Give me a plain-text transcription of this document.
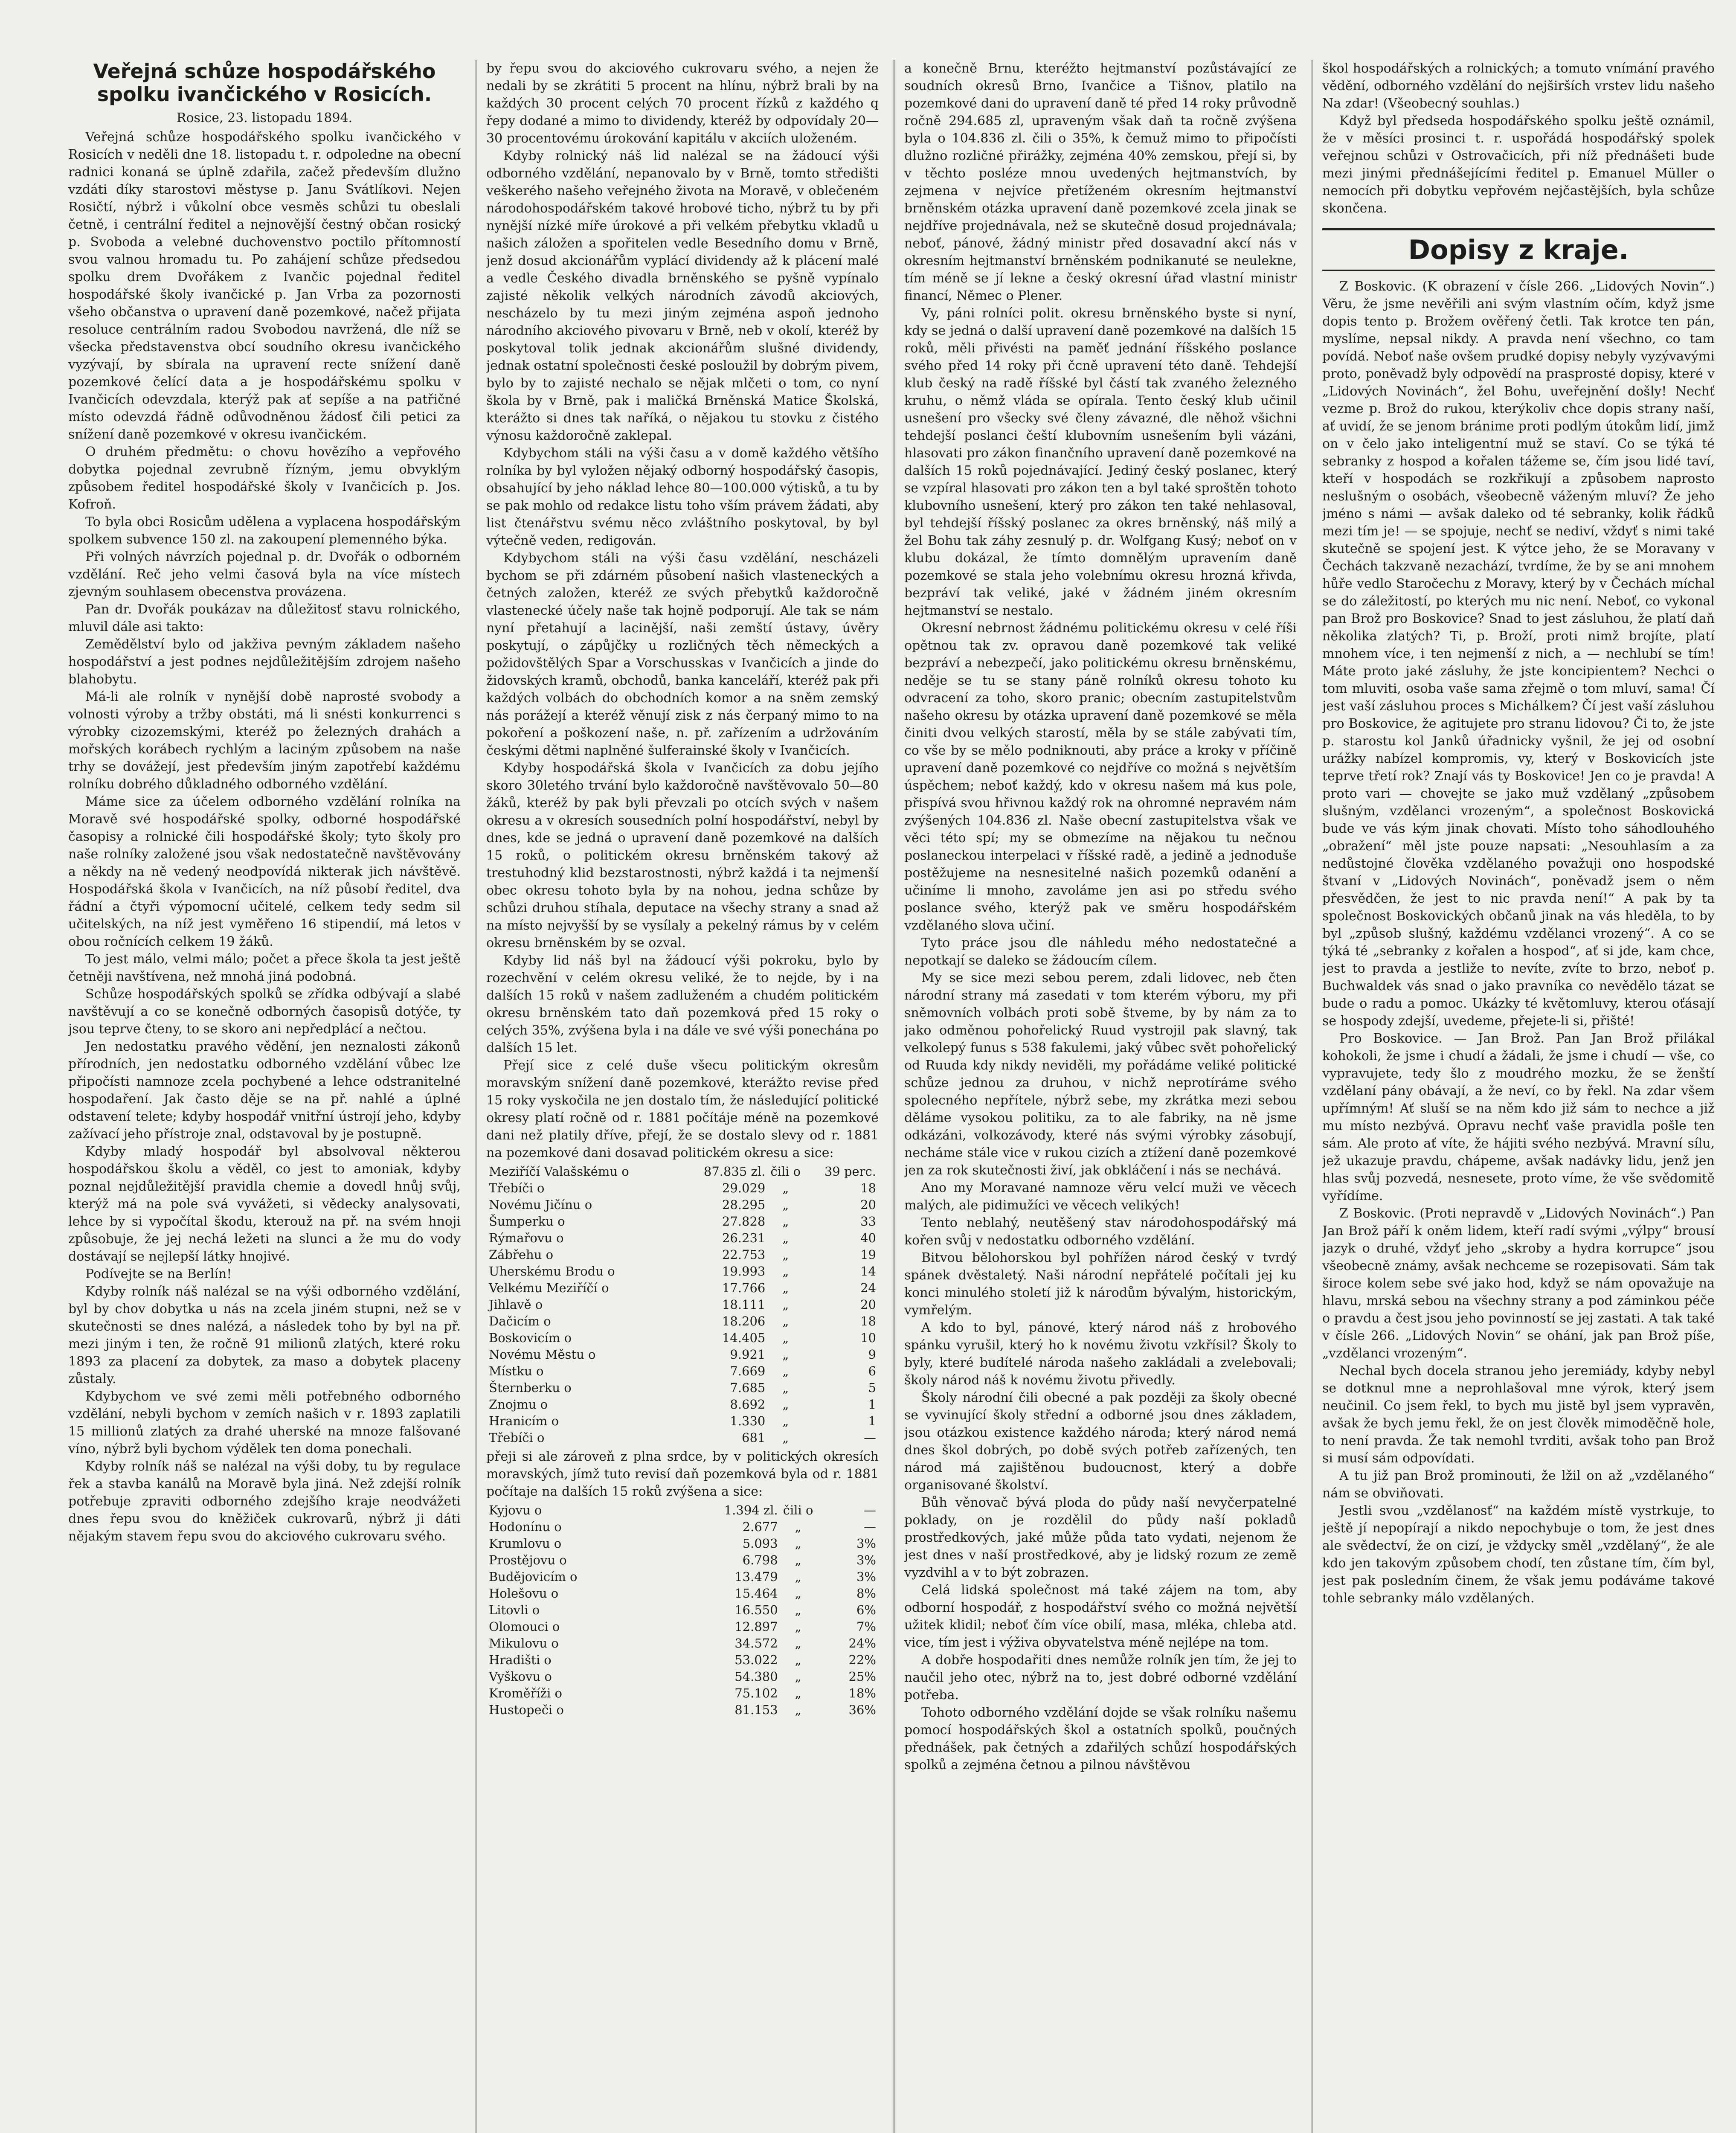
Veřejná schůze hospodářského spolku ivančického v Rosicích.
Rosice, 23. listopadu 1894.

Veřejná schůze hospodářského spolku ivančického v Rosicích v neděli dne 18. listopadu t. r. odpoledne na obecní radnici konaná se úplně zdařila, začež především dlužno vzdáti díky starostovi městyse p. Janu Svátlíkovi. Nejen Rosičtí, nýbrž i vůkolní obce vesměs schůzi tu obeslali četně, i centrální ředitel a nejnovější čestný občan rosický p. Svoboda a velebné duchovenstvo poctilo přítomností svou valnou hromadu tu. Po zahájení schůze předsedou spolku drem Dvořákem z Ivančic pojednal ředitel hospodářské školy ivančické p. Jan Vrba za pozornosti všeho občanstva o upravení daně pozemkové, načež přijata resoluce centrálním radou Svobodou navržená, dle níž se všecka představenstva obcí soudního okresu ivančického vyzývají, by sbírala na upravení recte snížení daně pozemkové čelící data a je hospodářskému spolku v Ivančicích odevzdala, kterýž pak ať sepíše a na patřičné místo odevzdá řádně odůvodněnou žádosť čili petici za snížení daně pozemkové v okresu ivančickém.

O druhém předmětu: o chovu hovězího a vepřového dobytka pojednal zevrubně řízným, jemu obvyklým způsobem ředitel hospodářské školy v Ivančicích p. Jos. Kofroň.

To byla obci Rosicům udělena a vyplacena hospodářským spolkem subvence 150 zl. na zakoupení plemenného býka.

Při volných návrzích pojednal p. dr. Dvořák o odborném vzdělání. Reč jeho velmi časová byla na více místech zjevným souhlasem obecenstva provázena.

Pan dr. Dvořák poukázav na důležitosť stavu rolnického, mluvil dále asi takto:

Zemědělství bylo od jakživa pevným základem našeho hospodářství a jest podnes nejdůležitějším zdrojem našeho blahobytu.

Má-li ale rolník v nynější době naprosté svobody a volnosti výroby a tržby obstáti, má li snésti konkurrenci s výrobky cizozemskými, kteréž po železných drahách a mořských korábech rychlým a laciným způsobem na naše trhy se dovážejí, jest především jiným zapotřebí každému rolníku dobrého důkladného odborného vzdělání.

Máme sice za účelem odborného vzdělání rolníka na Moravě své hospodářské spolky, odborné hospodářské časopisy a rolnické čili hospodářské školy; tyto školy pro naše rolníky založené jsou však nedostatečně navštěvovány a někdy na ně vedený neodpovídá nikterak jich návštěvě. Hospodářská škola v Ivančicích, na níž působí ředitel, dva řádní a čtyři výpomocní učitelé, celkem tedy sedm sil učitelských, na níž jest vyměřeno 16 stipendií, má letos v obou ročnících celkem 19 žáků.

To jest málo, velmi málo; počet a přece škola ta jest ještě četněji navštívena, než mnohá jiná podobná.

Schůze hospodářských spolků se zřídka odbývají a slabé navštěvují a co se konečně odborných časopisů dotýče, ty jsou teprve čteny, to se skoro ani nepředplácí a nečtou.

Jen nedostatku pravého vědění, jen neznalosti zákonů přírodních, jen nedostatku odborného vzdělání vůbec lze připočísti namnoze zcela pochybené a lehce odstranitelné hospodaření. Jak často děje se na př. nahlé a úplné odstavení telete; kdyby hospodář vnitřní ústrojí jeho, kdyby zažívací jeho přístroje znal, odstavoval by je postupně.

Kdyby mladý hospodář byl absolvoval některou hospodářskou školu a věděl, co jest to amoniak, kdyby poznal nejdůležitější pravidla chemie a dovedl hnůj svůj, kterýž má na pole svá vyvážeti, si vědecky analysovati, lehce by si vypočítal škodu, kterouž na př. na svém hnoji způsobuje, že jej nechá ležeti na slunci a že mu do vody dostávají se nejlepší látky hnojivé.

Podívejte se na Berlín!

Kdyby rolník náš nalézal se na výši odborného vzdělání, byl by chov dobytka u nás na zcela jiném stupni, než se v skutečnosti se dnes nalézá, a následek toho by byl na př. mezi jiným i ten, že ročně 91 milionů zlatých, které roku 1893 za placení za dobytek, za maso a dobytek placeny zůstaly.

Kdybychom ve své zemi měli potřebného odborného vzdělání, nebyli bychom v zemích našich v r. 1893 zaplatili 15 millionů zlatých za drahé uherské na mnoze falšované víno, nýbrž byli bychom výdělek ten doma ponechali.

Kdyby rolník náš se nalézal na výši doby, tu by regulace řek a stavba kanálů na Moravě byla jiná. Než zdejší rolník potřebuje zpraviti odborného zdejšího kraje neodvážeti dnes řepu svou do kněžiček cukrovarů, nýbrž ji dáti nějakým stavem řepu svou do akciového cukrovaru svého.

by řepu svou do akciového cukrovaru svého, a nejen že nedali by se zkrátiti 5 procent na hlínu, nýbrž brali by na každých 30 procent celých 70 procent řízků z každého q řepy dodané a mimo to dividendy, kteréž by odpovídaly 20—30 procentovému úrokování kapitálu v akciích uloženém.

Kdyby rolnický náš lid nalézal se na žádoucí výši odborného vzdělání, nepanovalo by v Brně, tomto středišti veškerého našeho veřejného života na Moravě, v oblečeném národohospodářském takové hrobové ticho, nýbrž tu by při nynější nízké míře úrokové a při velkém přebytku vkladů u našich záložen a spořitelen vedle Besedního domu v Brně, jenž dosud akcionářům vyplácí dividendy až k plácení malé a vedle Českého divadla brněnského se pyšně vypínalo zajisté několik velkých národních závodů akciových, nescházelo by tu mezi jiným zejména aspoň jednoho národního akciového pivovaru v Brně, neb v okolí, kteréž by poskytoval tolik jednak akcionářům slušné dividendy, jednak ostatní společnosti české posloužil by dobrým pivem, bylo by to zajisté nechalo se nějak mlčeti o tom, co nyní škola by v Brně, pak i maličká Brněnská Matice Školská, kterážto si dnes tak naříká, o nějakou tu stovku z čistého výnosu každoročně zaklepal.

Kdybychom stáli na výši času a v domě každého většího rolníka by byl vyložen nějaký odborný hospodářský časopis, obsahující by jeho náklad lehce 80—100.000 výtisků, a tu by se pak mohlo od redakce listu toho vším právem žádati, aby list čtenářstvu svému něco zvláštního poskytoval, by byl výtečně veden, redigován.

Kdybychom stáli na výši času vzdělání, nescházeli bychom se při zdárném působení našich vlasteneckých a četných založen, kteréž ze svých přebytků každoročně vlastenecké účely naše tak hojně podporují. Ale tak se nám nyní přetahují a lacinější, naši zemští ústavy, úvěry poskytují, o zápůjčky u rozličných těch německých a požidovštělých Spar a Vorschusskas v Ivančicích a jinde do židovských kramů, obchodů, banka kanceláří, kteréž pak při každých volbách do obchodních komor a na sněm zemský nás porážejí a kteréž věnují zisk z nás čerpaný mimo to na pokoření a poškození naše, n. př. zařízením a udržováním českými dětmi naplněné šulferainské školy v Ivančicích.

Kdyby hospodářská škola v Ivančicích za dobu jejího skoro 30letého trvání bylo každoročně navštěvovalo 50—80 žáků, kteréž by pak byli převzali po otcích svých v našem okresu a v okresích sousedních polní hospodářství, nebyl by dnes, kde se jedná o upravení daně pozemkové na dalších 15 roků, o politickém okresu brněnském takový až trestuhodný klid bezstarostnosti, nýbrž každá i ta nejmenší obec okresu tohoto byla by na nohou, jedna schůze by schůzi druhou stíhala, deputace na všechy strany a snad až na místo nejvyšší by se vysílaly a pekelný rámus by v celém okresu brněnském by se ozval.

Kdyby lid náš byl na žádoucí výši pokroku, bylo by rozechvění v celém okresu veliké, že to nejde, by i na dalších 15 roků v našem zadluženém a chudém politickém okresu brněnském tato daň pozemková před 15 roky o celých 35%, zvýšena byla i na dále ve své výši ponechána po dalších 15 let.

Přejí sice z celé duše všecu politickým okresům moravským snížení daně pozemkové, kterážto revise před 15 roky vyskočila ne jen dostalo tím, že následující politické okresy platí ročně od r. 1881 počítáje méně na pozemkové dani než platily dříve, přejí, že se dostalo slevy od r. 1881 na pozemkové dani dosavad politickém okresu a sice:

Meziříčí Valašskému o	87.835 zl.	čili o	39 perc.
Třebíči o	29.029	„	18
Novému Jičínu o	28.295	„	20
Šumperku o	27.828	„	33
Rýmařovu o	26.231	„	40
Zábřehu o	22.753	„	19
Uherskému Brodu o	19.993	„	14
Velkému Meziříčí o	17.766	„	24
Jihlavě o	18.111	„	20
Dačicím o	18.206	„	18
Boskovicím o	14.405	„	10
Novému Městu o	9.921	„	9
Místku o	7.669	„	6
Šternberku o	7.685	„	5
Znojmu o	8.692	„	1
Hranicím o	1.330	„	1
Třebíči o	681	„	—

přeji si ale zároveň z plna srdce, by v politických okresích moravských, jímž tuto revisí daň pozemková byla od r. 1881 počítaje na dalších 15 roků zvýšena a sice:

Kyjovu o	1.394 zl.	čili o	—
Hodonínu o	2.677	„	—
Krumlovu o	5.093	„	3%
Prostějovu o	6.798	„	3%
Budějovicím o	13.479	„	3%
Holešovu o	15.464	„	8%
Litovli o	16.550	„	6%
Olomouci o	12.897	„	7%
Mikulovu o	34.572	„	24%
Hradišti o	53.022	„	22%
Vyškovu o	54.380	„	25%
Kroměříži o	75.102	„	18%
Hustopeči o	81.153	„	36%

a konečně Brnu, kteréžto hejtmanství pozůstávající ze soudních okresů Brno, Ivančice a Tišnov, platilo na pozemkové dani do upravení daně té před 14 roky průvodně ročně 294.685 zl, upraveným však daň ta ročně zvýšena byla o 104.836 zl. čili o 35%, k čemuž mimo to připočísti dlužno rozličné přirážky, zejména 40% zemskou, přejí si, by v těchto posléze mnou uvedených hejtmanstvích, by zejmena v nejvíce přetíženém okresním hejtmanství brněnském otázka upravení daně pozemkové zcela jinak se nejdříve projednávala, než se skutečně dosud projednávala; neboť, pánové, žádný ministr před dosavadní akcí nás v okresním hejtmanství brněnském podnikanuté se neulekne, tím méně se jí lekne a český okresní úřad vlastní ministr financí, Němec o Plener.

Vy, páni rolníci polit. okresu brněnského byste si nyní, kdy se jedná o další upravení daně pozemkové na dalších 15 roků, měli přivésti na paměť jednání říšského poslance svého před 14 roky při čcně upravení této daně. Tehdejší klub český na radě říšské byl částí tak zvaného železného kruhu, o němž vláda se opírala. Tento český klub učinil usnešení pro všecky své členy závazné, dle něhož všichni tehdejší poslanci čeští klubovním usnešením byli vázáni, hlasovati pro zákon finančního upravení daně pozemkové na dalších 15 roků pojednávající. Jediný český poslanec, který se vzpíral hlasovati pro zákon ten a byl také sproštěn tohoto klubovního usnešení, který pro zákon ten také nehlasoval, byl tehdejší říšský poslanec za okres brněnský, náš milý a žel Bohu tak záhy zesnulý p. dr. Wolfgang Kusý; neboť on v klubu dokázal, že tímto domnělým upravením daně pozemkové se stala jeho volebnímu okresu hrozná křivda, bezpráví tak veliké, jaké v žádném jiném okresním hejtmanství se nestalo.

Okresní nebrnost žádnému politickému okresu v celé říši opětnou tak zv. opravou daně pozemkové tak veliké bezpráví a nebezpečí, jako politickému okresu brněnskému, neděje se tu se stany páně rolníků okresu tohoto ku odvracení za toho, skoro pranic; obecním zastupitelstvům našeho okresu by otázka upravení daně pozemkové se měla činiti dvou velkých starostí, měla by se stále zabývati tím, co vše by se mělo podniknouti, aby práce a kroky v příčině upravení daně pozemkové co nejdříve co možná s největším úspěchem; neboť každý, kdo v okresu našem má kus pole, přispívá svou hřivnou každý rok na ohromné nepravém nám zvýšených 104.836 zl. Naše obecní zastupitelstva však ve věci této spí; my se obmezíme na nějakou tu nečnou poslaneckou interpelaci v říšské radě, a jedině a jednoduše postěžujeme na nesnesitelné našich pozemků odanění a učiníme li mnoho, zavoláme jen asi po středu svého poslance svého, kterýž pak ve směru hospodářském vzdělaného slova učiní.

Tyto práce jsou dle náhledu mého nedostatečné a nepotkají se daleko se žádoucím cílem.

My se sice mezi sebou perem, zdali lidovec, neb čten národní strany má zasedati v tom kterém výboru, my při sněmovních volbách proti sobě štveme, by by nám za to jako odměnou pohořelický Ruud vystrojil pak slavný, tak velkolepý funus s 538 fakulemi, jaký vůbec svět pohořelický od Ruuda kdy nikdy neviděli, my pořádáme veliké politické schůze jednou za druhou, v nichž neprotíráme svého spolecného nepřítele, nýbrž sebe, my zkrátka mezi sebou děláme vysokou politiku, za to ale fabriky, na ně jsme odkázáni, volkozávody, které nás svými výrobky zásobují, necháme stále vice v rukou cizích a ztížení daně pozemkové jen za rok skutečnosti živí, jak obkláčení i nás se nechává.

Ano my Moravané namnoze věru velcí muži ve věcech malých, ale pidimužíci ve věcech velikých!

Tento neblahý, neutěšený stav národohospodářský má kořen svůj v nedostatku odborného vzdělání.

Bitvou bělohorskou byl pohřížen národ český v tvrdý spánek dvěstaletý. Naši národní nepřátelé počítali jej ku konci minulého století již k národům bývalým, historickým, vymřelým.

A kdo to byl, pánové, který národ náš z hrobového spánku vyrušil, který ho k novému životu vzkřísil? Školy to byly, které budítelé národa našeho zakládali a zvelebovali; školy národ náš k novému životu přivedly.

Školy národní čili obecné a pak později za školy obecné se vyvinující školy střední a odborné jsou dnes základem, jsou otázkou existence každého národa; který národ nemá dnes škol dobrých, po době svých potřeb zařízených, ten národ má zajištěnou budoucnost, který a dobře organisované školství.

Bůh věnovač bývá ploda do půdy naší nevyčerpatelné poklady, on je rozdělil do půdy naší pokladů prostředkových, jaké může půda tato vydati, nejenom že jest dnes v naší prostředkové, aby je lidský rozum ze země vyzdvihl a v to být zobrazen.

Celá lidská společnost má také zájem na tom, aby odborní hospodář, z hospodářství svého co možná největší užitek klidil; neboť čím více obilí, masa, mléka, chleba atd. vice, tím jest i výživa obyvatelstva méně nejlépe na tom.

A dobře hospodařiti dnes nemůže rolník jen tím, že jej to naučil jeho otec, nýbrž na to, jest dobré odborné vzdělání potřeba.

Tohoto odborného vzdělání dojde se však rolníku našemu pomocí hospodářských škol a ostatních spolků, poučných přednášek, pak četných a zdařilých schůzí hospodářských spolků a zejména četnou a pilnou návštěvou

škol hospodářských a rolnických; a tomuto vnímání pravého vědění, odborného vzdělání do nejširších vrstev lidu našeho Na zdar! (Všeobecný souhlas.)

Když byl předseda hospodářského spolku ještě oznámil, že v měsíci prosinci t. r. uspořádá hospodářský spolek veřejnou schůzi v Ostrovačicích, při níž přednášeti bude mezi jinými přednášejícími ředitel p. Emanuel Müller o nemocích při dobytku vepřovém nejčastějších, byla schůze skončena.

Dopisy z kraje.

Z Boskovic. (K obrazení v čísle 266. „Lidových Novin“.) Věru, že jsme nevěřili ani svým vlastním očím, když jsme dopis tento p. Brožem ověřený četli. Tak krotce ten pán, myslíme, nepsal nikdy. A pravda není všechno, co tam povídá. Neboť naše ovšem prudké dopisy nebyly vyzývavými proto, poněvadž byly odpovědí na prasprosté dopisy, které v „Lidových Novinách“, žel Bohu, uveřejnění došly! Nechť vezme p. Brož do rukou, kterýkoliv chce dopis strany naší, ať uvidí, že se jenom bránime proti podlým útokům lidí, jimž on v čelo jako inteligentní muž se staví. Co se týká té sebranky z hospod a kořalen tážeme se, čím jsou lidé taví, kteří v hospodách se rozkřikují a způsobem naprosto neslušným o osobách, všeobecně váženým mluví? Že jeho jméno s námi — avšak daleko od té sebranky, kolik řádků mezi tím je! — se spojuje, nechť se nediví, vždyť s nimi také skutečně se spojení jest. K výtce jeho, že se Moravany v Čechách takzvaně nezachází, tvrdíme, že by se ani mnohem hůře vedlo Staročechu z Moravy, který by v Čechách míchal se do záležitostí, po kterých mu nic není. Neboť, co vykonal pan Brož pro Boskovice? Snad to jest zásluhou, že platí daň několika zlatých? Ti, p. Broží, proti nimž brojíte, platí mnohem více, i ten nejmenší z nich, a — nechlubí se tím! Máte proto jaké zásluhy, že jste koncipientem? Nechci o tom mluviti, osoba vaše sama zřejmě o tom mluví, sama! Čí jest vaší zásluhou proces s Michálkem? Čí jest vaší zásluhou pro Boskovice, že agitujete pro stranu lidovou? Či to, že jste p. starostu kol Janků úřadnicky vyšnil, že jej od osobní urážky nabízel kompromis, vy, který v Boskovicích jste teprve třetí rok? Znají vás ty Boskovice! Jen co je pravda! A proto vari — chovejte se jako muž vzdělaný „způsobem slušným, vzdělanci vrozeným“, a společnost Boskovická bude ve vás kým jinak chovati. Místo toho sáhodlouhého „obražení“ měl jste pouze napsati: „Nesouhlasím a za nedůstojné člověka vzdělaného považuji ono hospodské štvaní v „Lidových Novinách“, poněvadž jsem o něm přesvědčen, že jest to nic pravda není!“ A pak by ta společnost Boskovických občanů jinak na vás hleděla, to by byl „způsob slušný, každému vzdělanci vrozený“. A co se týká té „sebranky z kořalen a hospod“, ať si jde, kam chce, jest to pravda a jestliže to nevíte, zvíte to brzo, neboť p. Buchwaldek vás snad o jako pravníka co nevědělo tázat se bude o radu a pomoc. Ukázky té květomluvy, kterou oťásají se hospody zdejší, uvedeme, přejete-li si, přišté!

Pro Boskovice. — Jan Brož. Pan Jan Brož přilákal kohokoli, že jsme i chudí a žádali, že jsme i chudí — vše, co vypravujete, tedy šlo z moudrého mozku, že se ženští vzdělaní pány obávají, a že neví, co by řekl. Na zdar všem upřímným! Ať sluší se na něm kdo již sám to nechce a již mu místo nezbývá. Opravu nechť vaše pravidla pošle ten sám. Ale proto ať víte, že hájiti svého nezbývá. Mravní sílu, jež ukazuje pravdu, chápeme, avšak nadávky lidu, jenž jen hlas svůj pozvedá, nesnesete, proto víme, že vše svědomitě vyřídíme.

Z Boskovic. (Proti nepravdě v „Lidových Novinách“.) Pan Jan Brož páří k oněm lidem, kteří radí svými „výlpy“ brousí jazyk o druhé, vždyť jeho „skroby a hydra korrupce“ jsou všeobecně známy, avšak nechceme se rozepisovati. Sám tak široce kolem sebe své jako hod, když se nám opovažuje na hlavu, mrská sebou na všechny strany a pod záminkou péče o pravdu a čest jsou jeho povinností se jej zastati. A tak také v čísle 266. „Lidových Novin“ se ohání, jak pan Brož píše, „vzdělanci vrozeným“.

Nechal bych docela stranou jeho jeremiády, kdyby nebyl se dotknul mne a neprohlašoval mne výrok, který jsem neučinil. Co jsem řekl, to bych mu jistě byl jsem vypravěn, avšak že bych jemu řekl, že on jest člověk mimoděčně hole, to není pravda. Že tak nemohl tvrditi, avšak toho pan Brož si musí sám odpovídati.

A tu již pan Brož prominouti, že lžil on až „vzdělaného“ nám se obviňovati.

Jestli svou „vzdělanosť“ na každém místě vystrkuje, to ještě jí nepopírají a nikdo nepochybuje o tom, že jest dnes ale svědectví, že on cizí, je vždycky směl „vzdělaný“, že ale kdo jen takovým způsobem chodí, ten zůstane tím, čím byl, jest pak posledním činem, že však jemu podáváme takové tohle sebranky málo vzdělaných.
